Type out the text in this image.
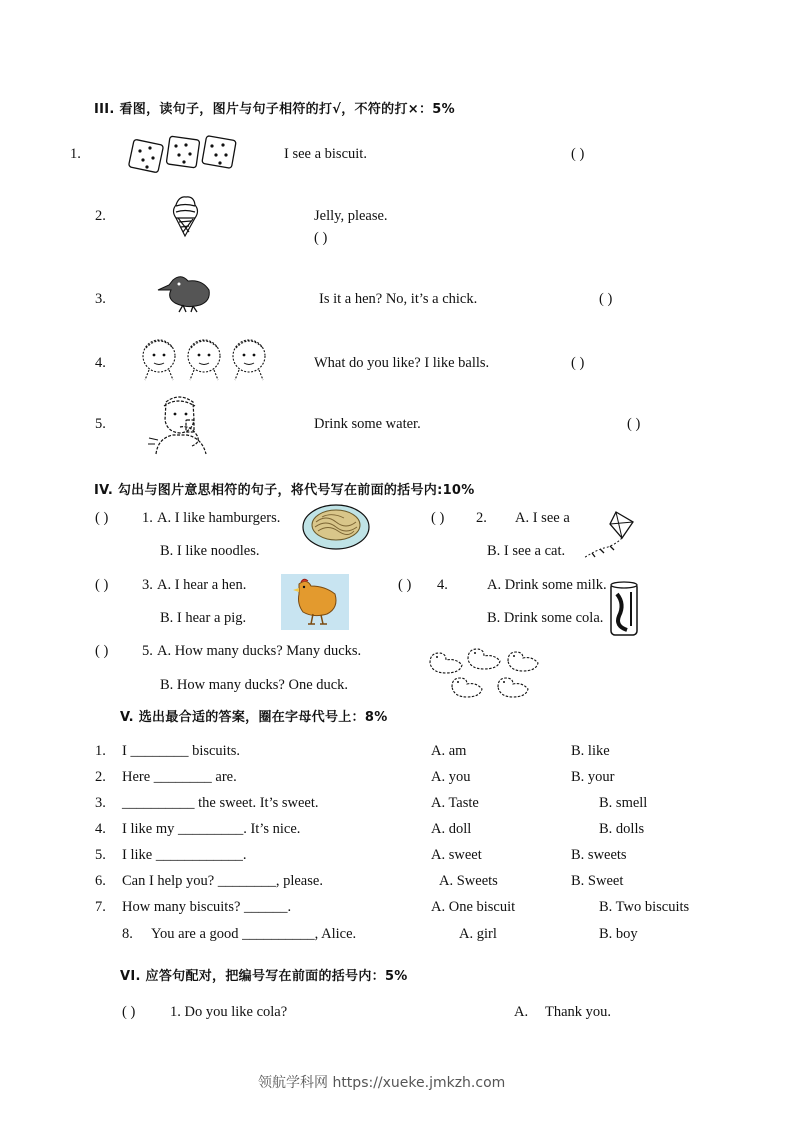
III. 看图，读句子，图片与句子相符的打√，不符的打×：5%
1.	I see a biscuit.	( )
2.	Jelly, please.
( )
3.	Is it a hen? No, it’s a chick.	( )
4.	What do you like? I like balls.	( )
5.	Drink some water.	( )
IV. 勾出与图片意思相符的句子，将代号写在前面的括号内:10%
( ) 1. A. I like hamburgers.
B. I like noodles.
( ) 2. A. I see a
B. I see a cat.
( ) 3. A. I hear a hen.
B. I hear a pig.
( ) 4.	A. Drink some milk.
B. Drink some cola.
( ) 5. A. How many ducks? Many ducks.
B. How many ducks? One duck.
V. 选出最合适的答案，圈在字母代号上：8%
1. I ________ biscuits.	A. am	B. like
2. Here ________ are.	A. you	B. your
3. __________ the sweet. It’s sweet.	A. Taste	B. smell
4. I like my _________. It’s nice.	A. doll	B. dolls
5. I like ____________.	A. sweet	B. sweets
6. Can I help you? ________, please.	A. Sweets	B. Sweet
7. How many biscuits? ______.	A. One biscuit	B. Two biscuits
8. You are a good __________, Alice.	A. girl	B. boy
VI. 应答句配对，把编号写在前面的括号内：5%
( ) 1. Do you like cola?	A. Thank you.
领航学科网 https://xueke.jmkzh.com
